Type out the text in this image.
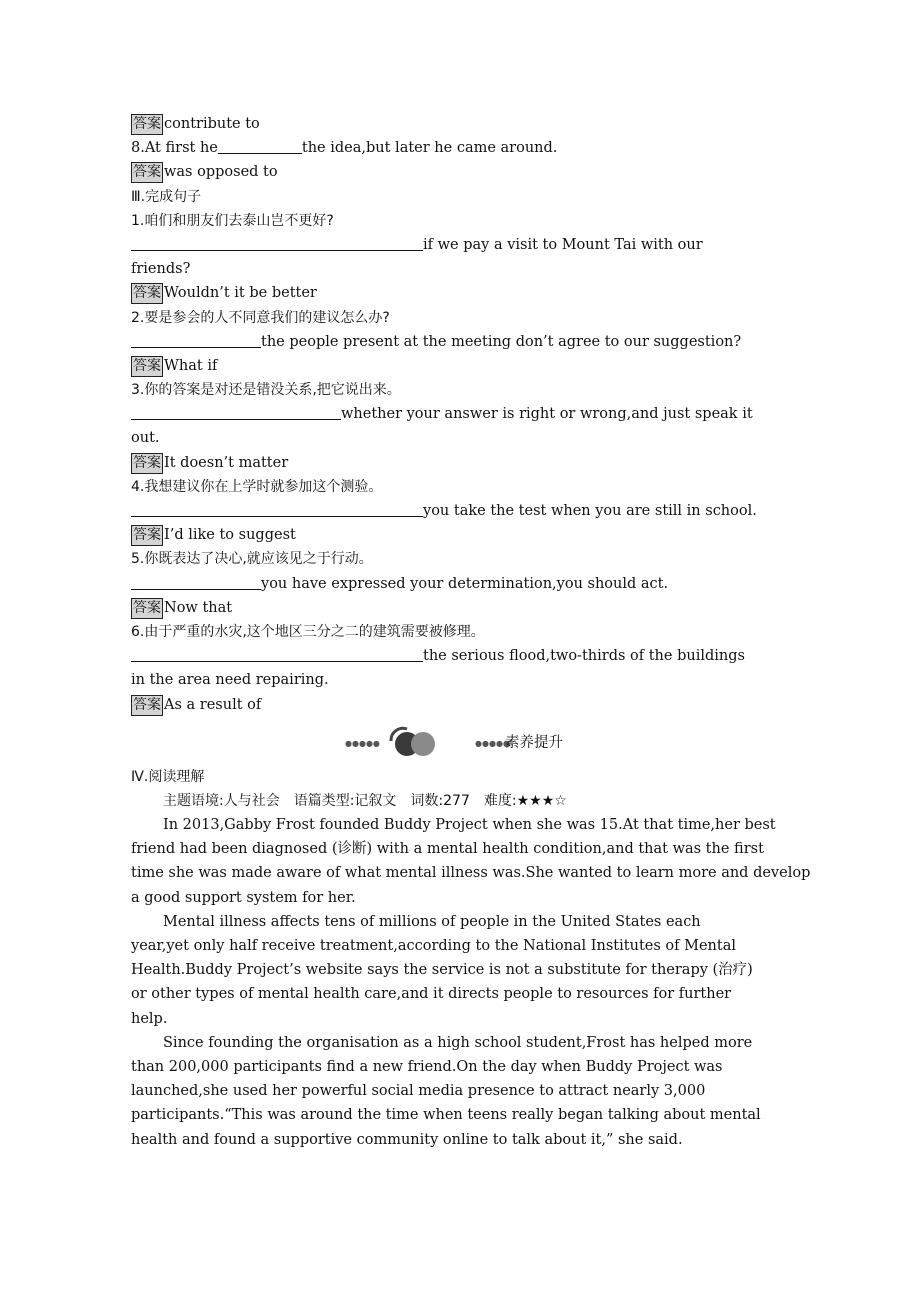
答案 contribute to
8.At first he	the idea,but later he came around.
答案 was opposed to
Ⅲ.完成句子
1.咱们和朋友们去泰山岂不更好?
if we pay a visit to Mount Tai with our
friends?
答案 Wouldn’t it be better
2.要是参会的人不同意我们的建议怎么办?
the people present at the meeting don’t agree to our suggestion?
答案 What if
3.你的答案是对还是错没关系,把它说出来。
whether your answer is right or wrong,and just speak it
out.
答案 It doesn’t matter
4.我想建议你在上学时就参加这个测验。
you take the test when you are still in school.
答案 I’d like to suggest
5.你既表达了决心,就应该见之于行动。
you have expressed your determination,you should act.
答案 Now that
6.由于严重的水灾,这个地区三分之二的建筑需要被修理。
the serious flood,two-thirds of the buildings
in the area need repairing.
答案 As a result of
●●●●●	●●●●●
素养提升
Ⅳ.阅读理解
主题语境:人与社会　语篇类型:记叙文　词数:277　难度:★★★☆
In 2013,Gabby Frost founded Buddy Project when she was 15.At that time,her best
friend had been diagnosed (诊断) with a mental health condition,and that was the first
time she was made aware of what mental illness was.She wanted to learn more and develop
a good support system for her.
Mental illness affects tens of millions of people in the United States each
year,yet only half receive treatment,according to the National Institutes of Mental
Health.Buddy Project’s website says the service is not a substitute for therapy (治疗)
or other types of mental health care,and it directs people to resources for further
help.
Since founding the organisation as a high school student,Frost has helped more
than 200,000 participants find a new friend.On the day when Buddy Project was
launched,she used her powerful social media presence to attract nearly 3,000
participants.“This was around the time when teens really began talking about mental
health and found a supportive community online to talk about it,” she said.
